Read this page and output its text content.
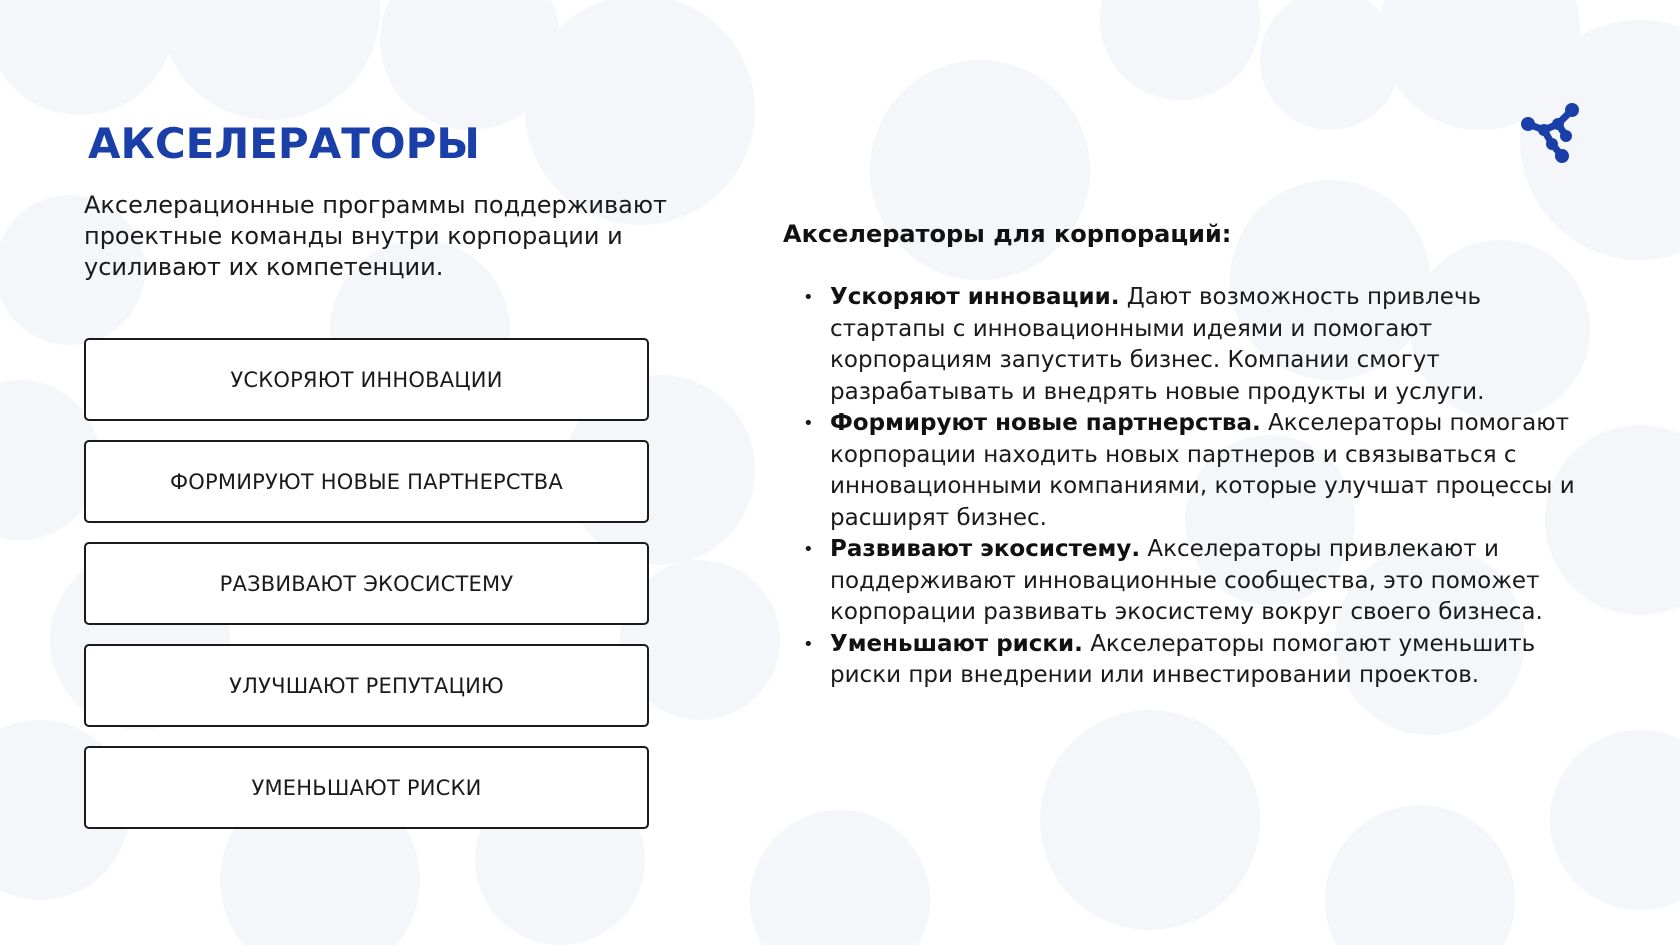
АКСЕЛЕРАТОРЫ

Акселерационные программы поддерживают проектные команды внутри корпорации и усиливают их компетенции.

УСКОРЯЮТ ИННОВАЦИИ
ФОРМИРУЮТ НОВЫЕ ПАРТНЕРСТВА
РАЗВИВАЮТ ЭКОСИСТЕМУ
УЛУЧШАЮТ РЕПУТАЦИЮ
УМЕНЬШАЮТ РИСКИ
Акселераторы для корпораций:
• Ускоряют инновации. Дают возможность привлечь стартапы с инновационными идеями и помогают корпорациям запустить бизнес. Компании смогут разрабатывать и внедрять новые продукты и услуги.
• Формируют новые партнерства. Акселераторы помогают корпорации находить новых партнеров и связываться с инновационными компаниями, которые улучшат процессы и расширят бизнес.
• Развивают экосистему. Акселераторы привлекают и поддерживают инновационные сообщества, это поможет корпорации развивать экосистему вокруг своего бизнеса.
• Уменьшают риски. Акселераторы помогают уменьшить риски при внедрении или инвестировании проектов.
